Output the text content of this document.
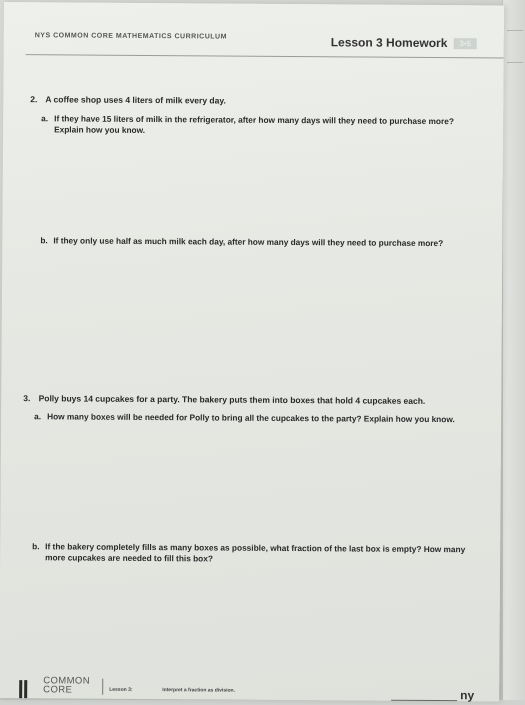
NYS COMMON CORE MATHEMATICS CURRICULUM	Lesson 3 Homework 3•5
2. A coffee shop uses 4 liters of milk every day.
a. If they have 15 liters of milk in the refrigerator, after how many days will they need to purchase more? Explain how you know.
b. If they only use half as much milk each day, after how many days will they need to purchase more?
3. Polly buys 14 cupcakes for a party. The bakery puts them into boxes that hold 4 cupcakes each.
a. How many boxes will be needed for Polly to bring all the cupcakes to the party? Explain how you know.
b. If the bakery completely fills as many boxes as possible, what fraction of the last box is empty? How many more cupcakes are needed to fill this box?
COMMON
CORE	Lesson 3:	Interpret a fraction as division.	ny
